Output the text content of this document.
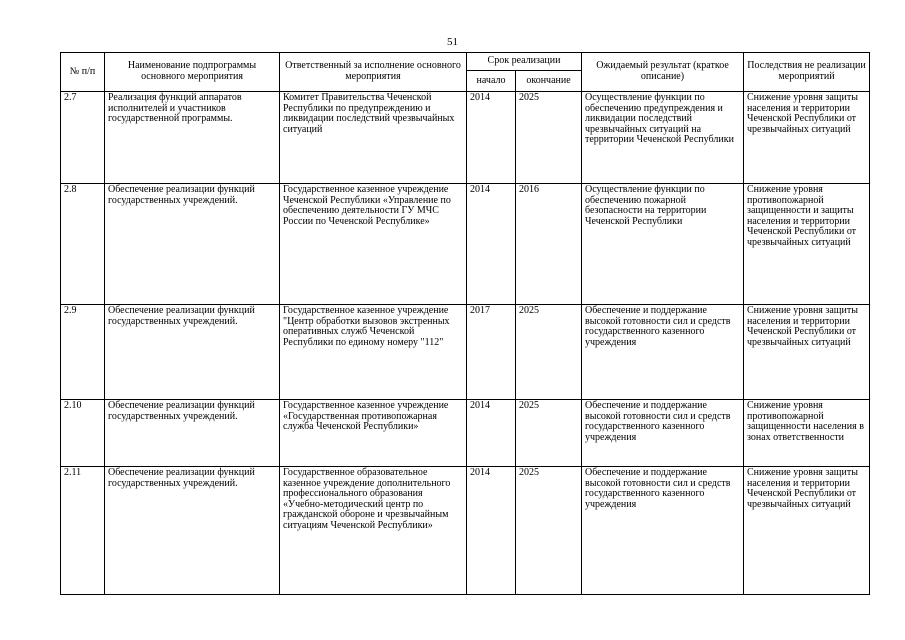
51
№ п/п	Наименование подпрограммы основного мероприятия	Ответственный за исполнение основного мероприятия	Срок реализации		Ожидаемый результат (краткое описание)	Последствия не реализации мероприятий
			начало	окончание		
2.7	Реализация функций аппаратов исполнителей и участников государственной программы.	Комитет Правительства Чеченской Республики по предупреждению и ликвидации последствий чрезвычайных ситуаций	2014	2025	Осуществление функции по обеспечению предупреждения и ликвидации последствий чрезвычайных ситуаций на территории Чеченской Республики	Снижение уровня защиты населения и территории Чеченской Республики от чрезвычайных ситуаций
2.8	Обеспечение реализации функций государственных учреждений.	Государственное казенное учреждение Чеченской Республики «Управление по обеспечению деятельности ГУ МЧС России по Чеченской Республике»	2014	2016	Осуществление функции по обеспечению пожарной безопасности на территории Чеченской Республики	Снижение уровня противопожарной защищенности и защиты населения и территории Чеченской Республики от чрезвычайных ситуаций
2.9	Обеспечение реализации функций государственных учреждений.	Государственное казенное учреждение "Центр обработки вызовов экстренных оперативных служб Чеченской Республики по единому номеру "112"	2017	2025	Обеспечение и поддержание высокой готовности сил и средств государственного казенного учреждения	Снижение уровня защиты населения и территории Чеченской Республики от чрезвычайных ситуаций
2.10	Обеспечение реализации функций государственных учреждений.	Государственное казенное учреждение «Государственная противопожарная служба Чеченской Республики»	2014	2025	Обеспечение и поддержание высокой готовности сил и средств государственного казенного учреждения	Снижение уровня противопожарной защищенности населения в зонах ответственности
2.11	Обеспечение реализации функций государственных учреждений.	Государственное образовательное казенное учреждение дополнительного профессионального образования «Учебно-методический центр по гражданской обороне и чрезвычайным ситуациям Чеченской Республики»	2014	2025	Обеспечение и поддержание высокой готовности сил и средств государственного казенного учреждения	Снижение уровня защиты населения и территории Чеченской Республики от чрезвычайных ситуаций
